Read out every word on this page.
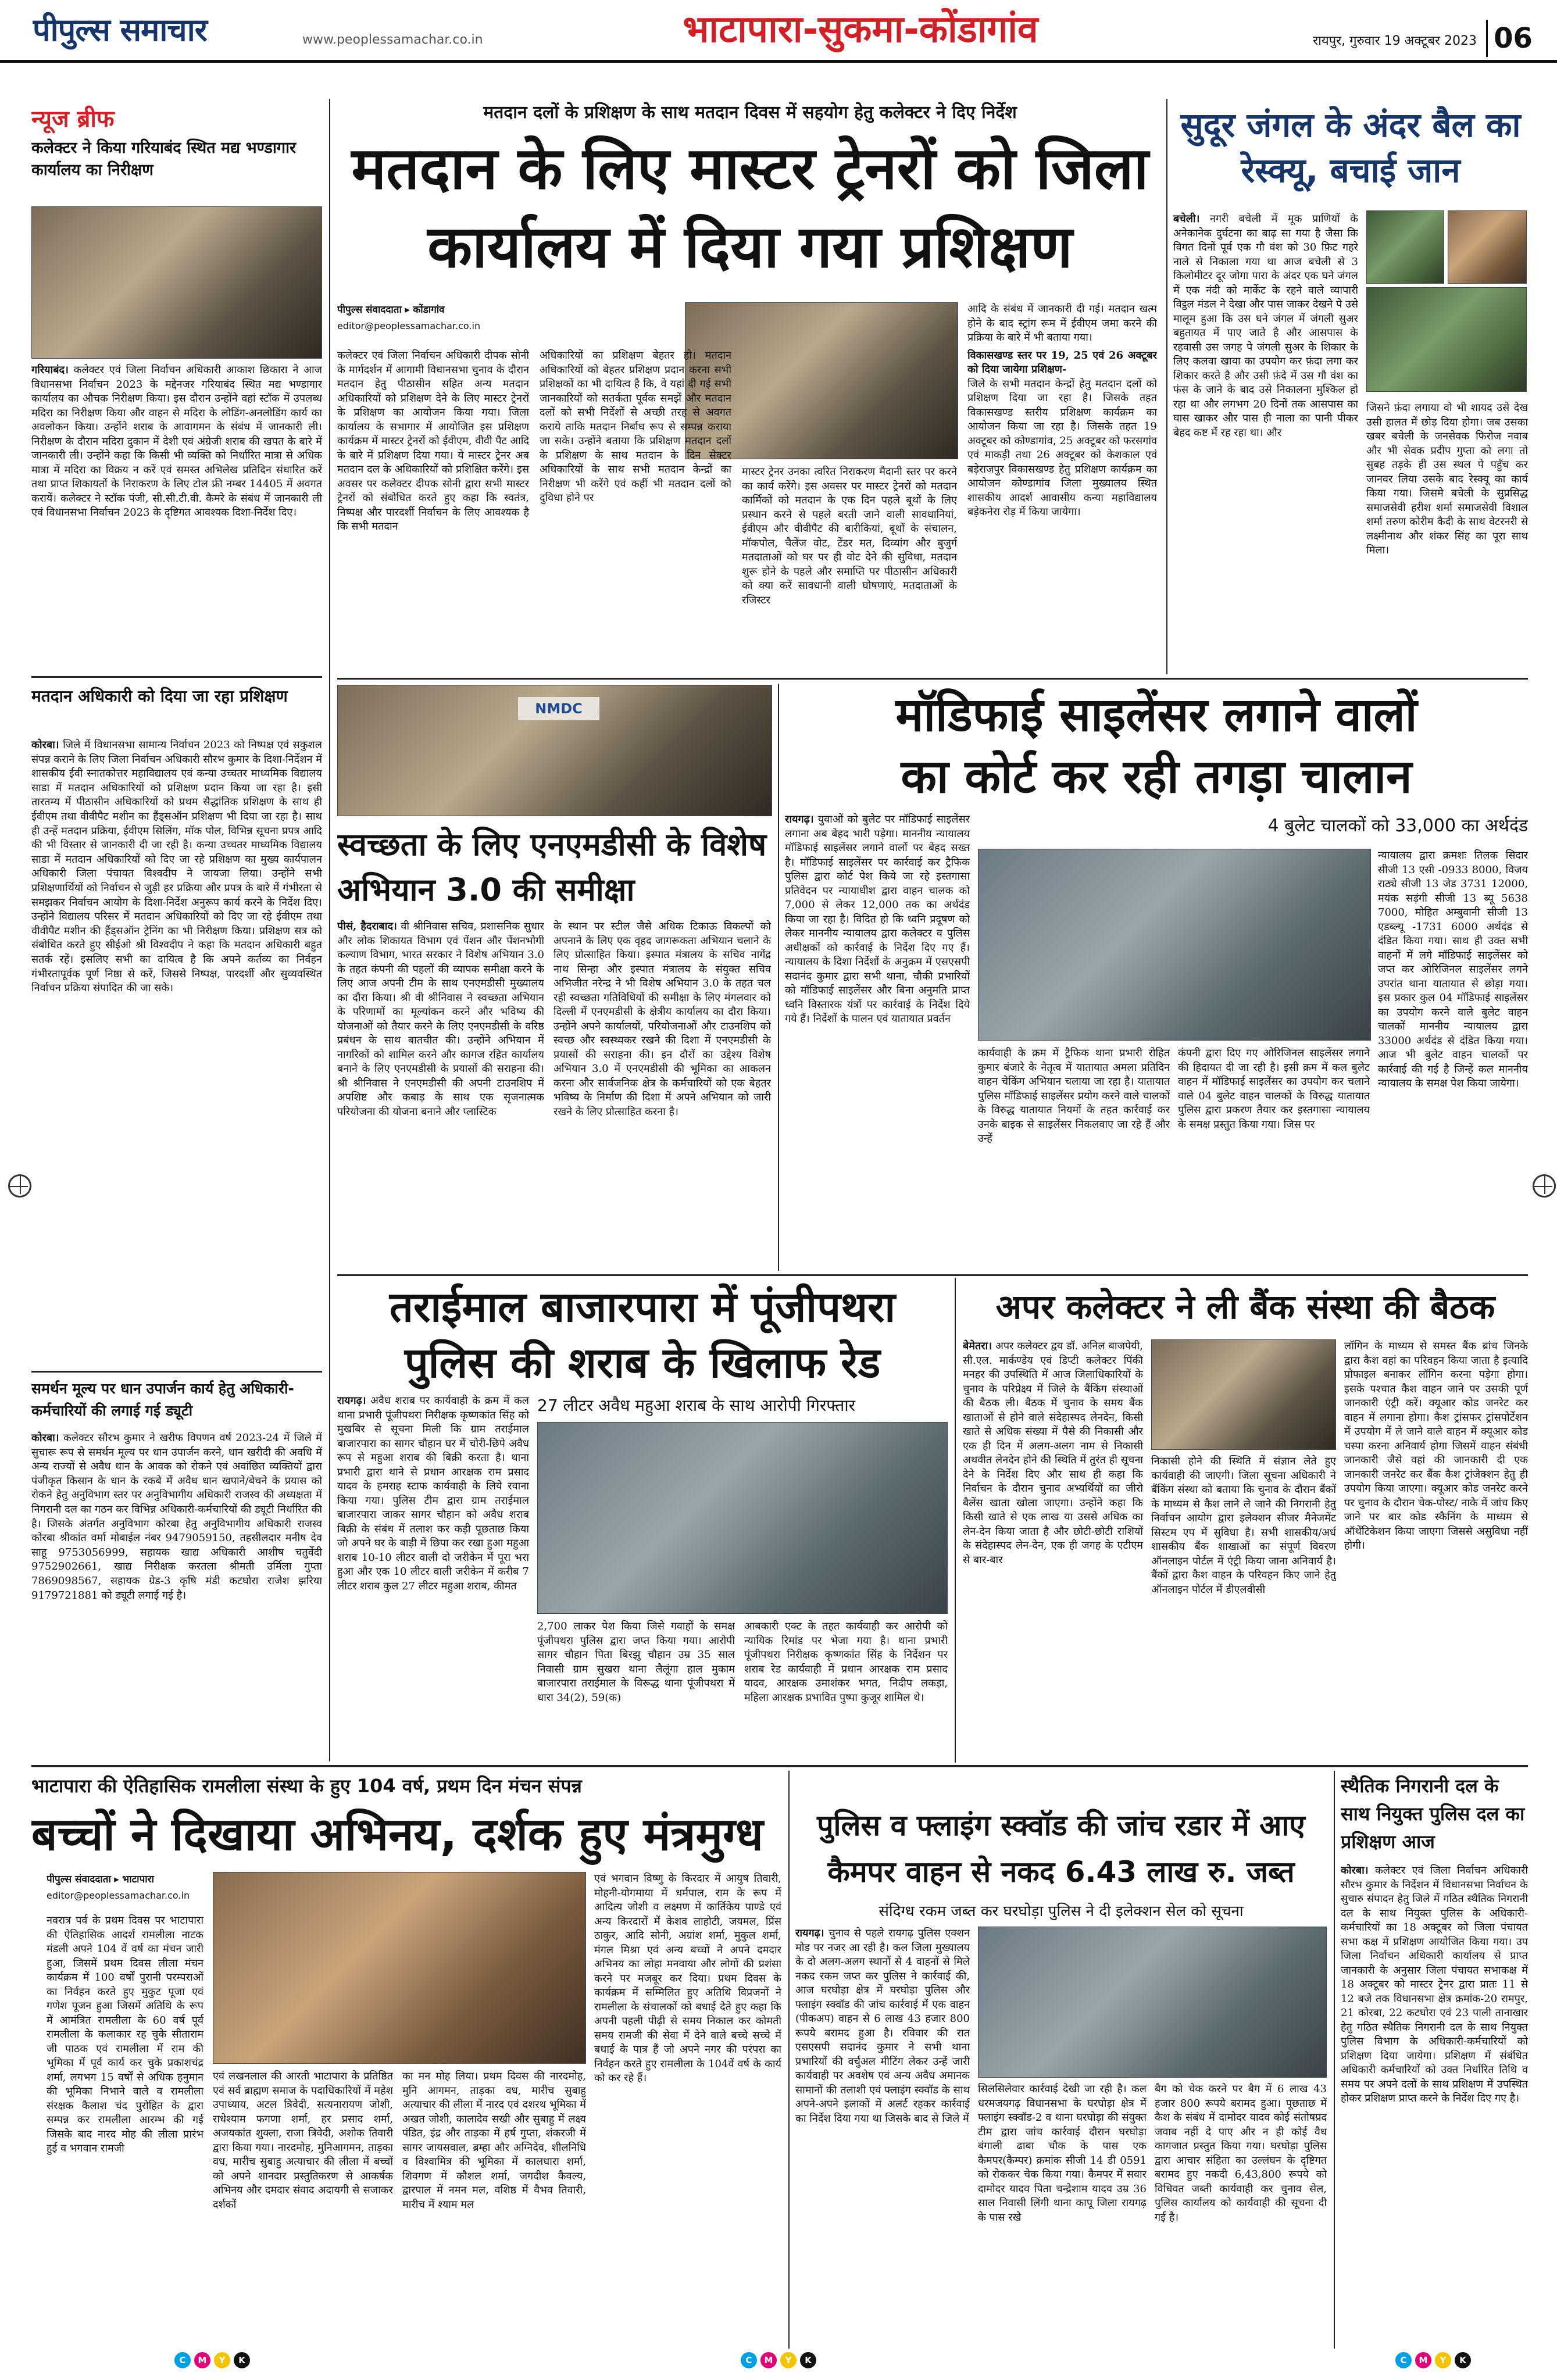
पीपुल्स समाचार	www.peoplessamachar.co.in	भाटापारा-सुकमा-कोंडागांव	रायपुर, गुरुवार 19 अक्टूबर 2023 06
न्यूज ब्रीफ
कलेक्टर ने किया गरियाबंद स्थित मद्य भण्डागार कार्यालय का निरीक्षण
गरियाबंद। कलेक्टर एवं जिला निर्वाचन अधिकारी आकाश छिकारा ने आज विधानसभा निर्वाचन 2023 के मद्देनजर गरियाबंद स्थित मद्य भण्डागार कार्यालय का औचक निरीक्षण किया। इस दौरान उन्होंने वहां स्टॉक में उपलब्ध मदिरा का निरीक्षण किया और वाहन से मदिरा के लोडिंग-अनलोडिंग कार्य का अवलोकन किया। उन्होंने शराब के आवागमन के संबंध में जानकारी ली।निरीक्षण के दौरान मदिरा दुकान में देशी एवं अंग्रेजी शराब की खपत के बारे में जानकारी ली। उन्होंने कहा कि किसी भी व्यक्ति को निर्धारित मात्रा से अधिक मात्रा में मदिरा का विक्रय न करें एवं समस्त अभिलेख प्रतिदिन संधारित करें तथा प्राप्त शिकायतों के निराकरण के लिए टोल फ्री नम्बर 14405 में अवगत करायें। कलेक्टर ने स्टॉक पंजी, सी.सी.टी.वी. कैमरे के संबंध में जानकारी ली एवं विधानसभा निर्वाचन 2023 के दृष्टिगत आवश्यक दिशा-निर्देश दिए।
मतदान अधिकारी को दिया जा रहा प्रशिक्षण
कोरबा। जिले में विधानसभा सामान्य निर्वाचन 2023 को निष्पक्ष एवं सकुशल संपन्न कराने के लिए जिला निर्वाचन अधिकारी सौरभ कुमार के दिशा-निर्देशन में शासकीय ईवी स्नातकोत्तर महाविद्यालय एवं कन्या उच्चतर माध्यमिक विद्यालय साडा में मतदान अधिकारियों को प्रशिक्षण प्रदान किया जा रहा है। इसी तारतम्य में पीठासीन अधिकारियों को प्रथम सैद्धांतिक प्रशिक्षण के साथ ही ईवीएम तथा वीवीपैट मशीन का हैंड्सऑन प्रशिक्षण भी दिया जा रहा है। साथ ही उन्हें मतदान प्रक्रिया, ईवीएम सिलिंग, मॉक पोल, विभिन्न सूचना प्रपत्र आदि की भी विस्तार से जानकारी दी जा रही है। कन्या उच्चतर माध्यमिक विद्यालय साडा में मतदान अधिकारियों को दिए जा रहे प्रशिक्षण का मुख्य कार्यपालन अधिकारी जिला पंचायत विश्वदीप ने जायजा लिया। उन्होंने सभी प्रशिक्षणार्थियों को निर्वाचन से जुड़ी हर प्रक्रिया और प्रपत्र के बारे में गंभीरता से समझकर निर्वाचन आयोग के दिशा-निर्देश अनुरूप कार्य करने के निर्देश दिए। उन्होंने विद्यालय परिसर में मतदान अधिकारियों को दिए जा रहे ईवीएम तथा वीवीपैट मशीन की हैंड्सऑन ट्रेनिंग का भी निरीक्षण किया। प्रशिक्षण सत्र को संबोधित करते हुए सीईओ श्री विश्वदीप ने कहा कि मतदान अधिकारी बहुत सतर्क रहें। इसलिए सभी का दायित्व है कि अपने कर्तव्य का निर्वहन गंभीरतापूर्वक पूर्ण निष्ठा से करें, जिससे निष्पक्ष, पारदर्शी और सुव्यवस्थित निर्वाचन प्रक्रिया संपादित की जा सके।
समर्थन मूल्य पर धान उपार्जन कार्य हेतु अधिकारी-कर्मचारियों की लगाई गई ड्यूटी
कोरबा। कलेक्टर सौरभ कुमार ने खरीफ विपणन वर्ष 2023-24 में जिले में सुचारू रूप से समर्थन मूल्य पर धान उपार्जन करने, धान खरीदी की अवधि में अन्य राज्यों से अवैध धान के आवक को रोकने एवं अवांछित व्यक्तियों द्वारा पंजीकृत किसान के धान के रकबे में अवैध धान खपाने/बेचने के प्रयास को रोकने हेतु अनुविभाग स्तर पर अनुविभागीय अधिकारी राजस्व की अध्यक्षता में निगरानी दल का गठन कर विभिन्न अधिकारी-कर्मचारियों की ड्यूटी निर्धारित की है। जिसके अंतर्गत अनुविभाग कोरबा हेतु अनुविभागीय अधिकारी राजस्व कोरबा श्रीकांत वर्मा मोबाईल नंबर 9479059150, तहसीलदार मनीष देव साहू 9753056999, सहायक खाद्य अधिकारी आशीष चतुर्वेदी 9752902661, खाद्य निरीक्षक करतला श्रीमती उर्मिला गुप्ता 7869098567, सहायक ग्रेड-3 कृषि मंडी कटघोरा राजेश झरिया 9179721881 को ड्यूटी लगाई गई है।
मतदान दलों के प्रशिक्षण के साथ मतदान दिवस में सहयोग हेतु कलेक्टर ने दिए निर्देश
मतदान के लिए मास्टर ट्रेनरों को जिला
कार्यालय में दिया गया प्रशिक्षण
पीपुल्स संवाददाता ▸ कोंडागांव
editor@peoplessamachar.co.in
कलेक्टर एवं जिला निर्वाचन अधिकारी दीपक सोनी के मार्गदर्शन में आगामी विधानसभा चुनाव के दौरान मतदान हेतु पीठासीन सहित अन्य मतदान अधिकारियों को प्रशिक्षण देने के लिए मास्टर ट्रेनरों के प्रशिक्षण का आयोजन किया गया। जिला कार्यालय के सभागार में आयोजित इस प्रशिक्षण कार्यक्रम में मास्टर ट्रेनरों को ईवीएम, वीवी पैट आदि के बारे में प्रशिक्षण दिया गया। ये मास्टर ट्रेनर अब मतदान दल के अधिकारियों को प्रशिक्षित करेंगे। इस अवसर पर कलेक्टर दीपक सोनी द्वारा सभी मास्टर ट्रेनरों को संबोधित करते हुए कहा कि स्वतंत्र, निष्पक्ष और पारदर्शी निर्वाचन के लिए आवश्यक है कि सभी मतदान
अधिकारियों का प्रशिक्षण बेहतर हो। मतदान अधिकारियों को बेहतर प्रशिक्षण प्रदान करना सभी प्रशिक्षकों का भी दायित्व है कि, वे यहां दी गई सभी जानकारियों को सतर्कता पूर्वक समझें और मतदान दलों को सभी निर्देशों से अच्छी तरह से अवगत कराये ताकि मतदान निर्बाध रूप से सम्पन्न कराया जा सके। उन्होंने बताया कि प्रशिक्षण मतदान दलों के प्रशिक्षण के साथ मतदान के दिन सेक्टर अधिकारियों के साथ सभी मतदान केन्द्रों का निरीक्षण भी करेंगे एवं कहीं भी मतदान दलों को दुविधा होने पर
मास्टर ट्रेनर उनका त्वरित निराकरण मैदानी स्तर पर करने का कार्य करेंगे। इस अवसर पर मास्टर ट्रेनरों को मतदान कार्मिकों को मतदान के एक दिन पहले बूथों के लिए प्रस्थान करने से पहले बरती जाने वाली सावधानियां, ईवीएम और वीवीपैट की बारीकियां, बूथों के संचालन, मॉकपोल, चैलेंज वोट, टेंडर मत, दिव्यांग और बुजुर्ग मतदाताओं को घर पर ही वोट देने की सुविधा, मतदान शुरू होने के पहले और समाप्ति पर पीठासीन अधिकारी को क्या करें सावधानी वाली घोषणाएं, मतदाताओं के रजिस्टर
आदि के संबंध में जानकारी दी गई। मतदान खत्म होने के बाद स्ट्रांग रूम में ईवीएम जमा करने की प्रक्रिया के बारे में भी बताया गया।
विकासखण्ड स्तर पर 19, 25 एवं 26 अक्टूबर को दिया जायेगा प्रशिक्षण-
जिले के सभी मतदान केन्द्रों हेतु मतदान दलों को प्रशिक्षण दिया जा रहा है। जिसके तहत विकासखण्ड स्तरीय प्रशिक्षण कार्यक्रम का आयोजन किया जा रहा है। जिसके तहत 19 अक्टूबर को कोण्डागांव, 25 अक्टूबर को फरसगांव एवं माकड़ी तथा 26 अक्टूबर को केशकाल एवं बड़ेराजपुर विकासखण्ड हेतु प्रशिक्षण कार्यक्रम का आयोजन कोण्डागांव जिला मुख्यालय स्थित शासकीय आदर्श आवासीय कन्या महाविद्यालय बड़ेकनेरा रोड़ में किया जायेगा।
सुदूर जंगल के अंदर बैल का रेस्क्यू, बचाई जान
बचेली। नगरी बचेली में मूक प्राणियों के अनेकानेक दुर्घटना का बाढ़ सा गया है जैसा कि विगत दिनों पूर्व एक गौ वंश को 30 फ़िट गहरे नाले से निकाला गया था आज बचेली से 3 किलोमीटर दूर जोगा पारा के अंदर एक घने जंगल में एक नंदी को मार्केट के रहने वाले व्यापारी विट्ठल मंडल ने देखा और पास जाकर देखने पे उसे मालूम हुआ कि उस घने जंगल में जंगली सुअर बहुतायत में पाए जाते है और आसपास के रहवासी उस जगह पे जंगली सुअर के शिकार के लिए कलवा खाया का उपयोग कर फ़ंदा लगा कर शिकार करते है और उसी फ़ंदे में उस गौ वंश का फंस के जाने के बाद उसे निकालना मुश्किल हो रहा था और लगभग 20 दिनों तक आसपास का घास खाकर और पास ही नाला का पानी पीकर बेहद कष्ट में रह रहा था। और
जिसने फ़ंदा लगाया वो भी शायद उसे देख उसी हालत में छोड़ दिया होगा। जब उसका खबर बचेली के जनसेवक फिरोज नवाब और भी सेवक प्रदीप गुप्ता को लगा तो सुबह तड़के ही उस स्थल पे पहुँच कर जानवर लिया उसके बाद रेस्क्यू का कार्य किया गया। जिसमे बचेली के सुप्रसिद्ध समाजसेवी हरीश शर्मा समाजसेवी विशाल शर्मा तरुण कोरीम कैदी के साथ वेटरनरी से लक्ष्मीनाथ और शंकर सिंह का पूरा साथ मिला।
NMDC
स्वच्छता के लिए एनएमडीसी के विशेष अभियान 3.0 की समीक्षा
पीसं, हैदराबाद। वी श्रीनिवास सचिव, प्रशासनिक सुधार और लोक शिकायत विभाग एवं पेंशन और पेंशनभोगी कल्याण विभाग, भारत सरकार ने विशेष अभियान 3.0 के तहत कंपनी की पहलों की व्यापक समीक्षा करने के लिए आज अपनी टीम के साथ एनएमडीसी मुख्यालय का दौरा किया। श्री वी श्रीनिवास ने स्वच्छता अभियान के परिणामों का मूल्यांकन करने और भविष्य की योजनाओं को तैयार करने के लिए एनएमडीसी के वरिष्ठ प्रबंधन के साथ बातचीत की। उन्होंने अभियान में नागरिकों को शामिल करने और कागज रहित कार्यालय बनाने के लिए एनएमडीसी के प्रयासों की सराहना की। श्री श्रीनिवास ने एनएमडीसी की अपनी टाउनशिप में अपशिष्ट और कबाड़ के साथ एक सृजनात्मक परियोजना की योजना बनाने और प्लास्टिक
के स्थान पर स्टील जैसे अधिक टिकाऊ विकल्पों को अपनाने के लिए एक वृहद जागरूकता अभियान चलाने के लिए प्रोत्साहित किया। इस्पात मंत्रालय के सचिव नागेंद्र नाथ सिन्हा और इस्पात मंत्रालय के संयुक्त सचिव अभिजीत नरेन्द्र ने भी विशेष अभियान 3.0 के तहत चल रही स्वच्छता गतिविधियों की समीक्षा के लिए मंगलवार को दिल्ली में एनएमडीसी के क्षेत्रीय कार्यालय का दौरा किया। उन्होंने अपने कार्यालयों, परियोजनाओं और टाउनशिप को स्वच्छ और स्वस्थ्यकर रखने की दिशा में एनएमडीसी के प्रयासों की सराहना की। इन दौरों का उद्देश्य विशेष अभियान 3.0 में एनएमडीसी की भूमिका का आकलन करना और सार्वजनिक क्षेत्र के कर्मचारियों को एक बेहतर भविष्य के निर्माण की दिशा में अपने अभियान को जारी रखने के लिए प्रोत्साहित करना है।
मॉडिफाई साइलेंसर लगाने वालों
का कोर्ट कर रही तगड़ा चालान
4 बुलेट चालकों को 33,000 का अर्थदंड
रायगढ़। युवाओं को बुलेट पर मॉडिफाई साइलेंसर लगाना अब बेहद भारी पड़ेगा। माननीय न्यायालय मॉडिफाई साइलेंसर लगाने वालों पर बेहद सख्त है। मॉडिफाई साइलेंसर पर कार्रवाई कर ट्रैफिक पुलिस द्वारा कोर्ट पेश किये जा रहे इस्तगासा प्रतिवेदन पर न्यायाधीश द्वारा वाहन चालक को 7,000 से लेकर 12,000 तक का अर्थदंड किया जा रहा है। विदित हो कि ध्वनि प्रदूषण को लेकर माननीय न्यायालय द्वारा कलेक्टर व पुलिस अधीक्षकों को कार्रवाई के निर्देश दिए गए हैं। न्यायालय के दिशा निर्देशों के अनुक्रम में एसएसपी सदानंद कुमार द्वारा सभी थाना, चौकी प्रभारियों को मॉडिफाई साइलेंसर और बिना अनुमति प्राप्त ध्वनि विस्तारक यंत्रों पर कार्रवाई के निर्देश दिये गये हैं। निर्देशों के पालन एवं यातायात प्रवर्तन
कार्यवाही के क्रम में ट्रैफिक थाना प्रभारी रोहित कुमार बंजारे के नेतृत्व में यातायात अमला प्रतिदिन वाहन चेकिंग अभियान चलाया जा रहा है। यातायात पुलिस मॉडिफाई साइलेंसर प्रयोग करने वाले चालकों के विरुद्ध यातायात नियमों के तहत कार्रवाई कर उनके बाइक से साइलेंसर निकलवाए जा रहे हैं और उन्हें
कंपनी द्वारा दिए गए ओरिजिनल साइलेंसर लगाने की हिदायत दी जा रही है। इसी क्रम में कल बुलेट वाहन में मॉडिफाई साइलेंसर का उपयोग कर चलाने वाले 04 बुलेट वाहन चालकों के विरुद्ध यातायात पुलिस द्वारा प्रकरण तैयार कर इस्तगासा न्यायालय के समक्ष प्रस्तुत किया गया। जिस पर
न्यायालय द्वारा क्रमशः तिलक सिदार सीजी 13 एसी -0933 8000, विजय राठ्ये सीजी 13 जेड 3731 12000, मयंक सड़ंगी सीजी 13 ब्यू 5638 7000, मोहित अम्बुवानी सीजी 13 एडब्ल्यू -1731 6000 अर्थदंड से दंडित किया गया। साथ ही उक्त सभी वाहनों में लगे मॉडिफाई साइलेंसर को जप्त कर ओरिजिनल साइलेंसर लगने उपरांत थाना यातायात से छोड़ा गया। इस प्रकार कुल 04 मॉडिफाई साइलेंसर का उपयोग करने वाले बुलेट वाहन चालकों माननीय न्यायालय द्वारा 33000 अर्थदंड से दंडित किया गया। आज भी बुलेट वाहन चालकों पर कार्रवाई की गई है जिन्हें कल माननीय न्यायालय के समक्ष पेश किया जायेगा।
तराईमाल बाजारपारा में पूंजीपथरा
पुलिस की शराब के खिलाफ रेड
रायगढ़। अवैध शराब पर कार्यवाही के क्रम में कल थाना प्रभारी पूंजीपथरा निरीक्षक कृष्णकांत सिंह को मुखबिर से सूचना मिली कि ग्राम तराईमाल बाजारपारा का सागर चौहान घर में चोरी-छिपे अवैध रूप से महुआ शराब की बिक्री करता है। थाना प्रभारी द्वारा थाने से प्रधान आरक्षक राम प्रसाद यादव के हमराह स्टाफ कार्यवाही के लिये रवाना किया गया। पुलिस टीम द्वारा ग्राम तराईमाल बाजारपारा जाकर सागर चौहान को अवैध शराब बिक्री के संबंध में तलाश कर कड़ी पूछताछ किया जो अपने घर के बाड़ी में छिपा कर रखा हुआ महुआ शराब 10-10 लीटर वाली दो जरीकेन में पूरा भरा हुआ और एक 10 लीटर वाली जरीकेन में करीब 7 लीटर शराब कुल 27 लीटर महुआ शराब, कीमत
27 लीटर अवैध महुआ शराब के साथ आरोपी गिरफ्तार
2,700 लाकर पेश किया जिसे गवाहों के समक्ष पूंजीपथरा पुलिस द्वारा जप्त किया गया। आरोपी सागर चौहान पिता बिरझु चौहान उम्र 35 साल निवासी ग्राम सुखरा थाना लैलूंगा हाल मुकाम बाजारपारा तराईमाल के विरूद्ध थाना पूंजीपथरा में धारा 34(2), 59(क)
आबकारी एक्ट के तहत कार्यवाही कर आरोपी को न्यायिक रिमांड पर भेजा गया है। थाना प्रभारी पूंजीपथरा निरीक्षक कृष्णकांत सिंह के निर्देशन पर शराब रेड कार्यवाही में प्रधान आरक्षक राम प्रसाद यादव, आरक्षक उमाशंकर भगत, निदीप लकड़ा, महिला आरक्षक प्रभावित पुष्पा कुजूर शामिल थे।
अपर कलेक्टर ने ली बैंक संस्था की बैठक
बेमेतरा। अपर कलेक्टर द्वय डॉ. अनिल बाजपेयी, सी.एल. मार्कण्डेय एवं डिप्टी कलेक्टर पिंकी मनहर की उपस्थिति में आज जिलाधिकारियों के चुनाव के परिप्रेक्ष्य में जिले के बैंकिंग संस्थाओं की बैठक ली। बैठक में चुनाव के समय बैंक खाताओं से होने वाले संदेहास्पद लेनदेन, किसी खाते से अधिक संख्या में पैसे की निकासी और एक ही दिन में अलग-अलग नाम से निकासी अथवीत लेनदेन होने की स्थिति में तुरंत ही सूचना देने के निर्देश दिए और साथ ही कहा कि निर्वाचन के दौरान चुनाव अभ्यर्थियों का जीरो बैलेंस खाता खोला जाएगा। उन्होंने कहा कि किसी खाते से एक लाख या उससे अधिक का लेन-देन किया जाता है और छोटी-छोटी राशियों के संदेहास्पद लेन-देन, एक ही जगह के एटीएम से बार-बार
निकासी होने की स्थिति में संज्ञान लेते हुए कार्यवाही की जाएगी। जिला सूचना अधिकारी ने बैंकिंग संस्था को बताया कि चुनाव के दौरान बैंकों के माध्यम से कैश लाने ले जाने की निगरानी हेतु निर्वाचन आयोग द्वारा इलेक्शन सीजर मैनेजमेंट सिस्टम एप में सुविधा है। सभी शासकीय/अर्ध शासकीय बैंक शाखाओं का संपूर्ण विवरण ऑनलाइन पोर्टल में एंट्री किया जाना अनिवार्य है। बैंकों द्वारा कैश वाहन के परिवहन किए जाने हेतु ऑनलाइन पोर्टल में डीएलवीसी
लॉगिन के माध्यम से समस्त बैंक ब्रांच जिनके द्वारा कैश वहां का परिवहन किया जाता है इत्यादि प्रोफाइल बनाकर लॉगिन करना पड़ेगा होगा। इसके पश्चात कैश वाहन जाने पर उसकी पूर्ण जानकारी एंट्री करें। क्यूआर कोड जनरेट कर वाहन में लगाना होगा। कैश ट्रांसफर ट्रांसपोर्टेशन में उपयोग में ले जाने वाले वाहन में क्यूआर कोड चस्पा करना अनिवार्य होगा जिसमें वाहन संबंधी जानकारी जैसे वहां की जानकारी दी एक जानकारी जनरेट कर बैंक कैश ट्रांजेक्शन हेतु ही उपयोग किया जाएगा। क्यूआर कोड जनरेट करने पर चुनाव के दौरान चेक-पोस्ट/ नाके में जांच किए जाने पर बार कोड स्कैनिंग के माध्यम से ऑथेंटिकेशन किया जाएगा जिससे असुविधा नहीं होगी।
भाटापारा की ऐतिहासिक रामलीला संस्था के हुए 104 वर्ष, प्रथम दिन मंचन संपन्न
बच्चों ने दिखाया अभिनय, दर्शक हुए मंत्रमुग्ध
पीपुल्स संवाददाता ▸ भाटापारा
editor@peoplessamachar.co.in
नवरात्र पर्व के प्रथम दिवस पर भाटापारा की ऐतिहासिक आदर्श रामलीला नाटक मंडली अपने 104 वें वर्ष का मंचन जारी हुआ, जिसमें प्रथम दिवस लीला मंचन कार्यक्रम में 100 वर्षों पुरानी परम्पराओं का निर्वहन करते हुए मुकुट पूजा एवं गणेश पूजन हुआ जिसमें अतिथि के रूप में आमंत्रित रामलीला के 60 वर्ष पूर्व रामलीला के कलाकार रह चुके सीताराम जी पाठक एवं रामलीला में राम की भूमिका में पूर्व कार्य कर चुके प्रकाशचंद्र शर्मा, लगभग 15 वर्षों से अधिक हनुमान की भूमिका निभाने वाले व रामलीला संरक्षक कैलाश चंद पुरोहित के द्वारा सम्पन्न कर रामलीला आरम्भ की गई जिसके बाद नारद मोह की लीला प्रारंभ हुई व भगवान रामजी
एवं लखनलाल की आरती भाटापारा के प्रतिष्ठित एवं सर्व ब्राह्मण समाज के पदाधिकारियों में महेश उपाध्याय, अटल त्रिवेदी, सत्यनारायण जोशी, राधेश्याम फगणा शर्मा, हर प्रसाद शर्मा, अजयकांत शुक्ला, राजा त्रिवेदी, अशोक तिवारी द्वारा किया गया। नारदमोह, मुनिआगमन, ताड़का वध, मारीच सुबाहु अत्याचार की लीला में बच्चों को अपने शानदार प्रस्तुतिकरण से आकर्षक अभिनय और दमदार संवाद अदायगी से सजाकर दर्शकों
का मन मोह लिया। प्रथम दिवस की नारदमोह, मुनि आगमन, ताड़का वध, मारीच सुबाहु अत्याचार की लीला में नारद एवं दशरथ भूमिका में अखत जोशी, कालादेव सखी और सुबाहु में लक्ष्य पंडित, इंद्र और ताड़का में हर्ष गुप्ता, शंकरजी में सागर जायसवाल, ब्रम्हा और अग्निदेव, शीलनिधि व विश्वामित्र की भूमिका में कालधारा शर्मा, शिवगण में कौशल शर्मा, जगदीश कैवल्य, द्वारपाल में नमन मल, वशिष्ठ में वैभव तिवारी, मारीच में श्याम मल
एवं भगवान विष्णु के किरदार में आयुष तिवारी, मोहनी-योगमाया में धर्मपाल, राम के रूप में आदित्य जोशी व लक्ष्मण में कार्तिकेय पाण्डे एवं अन्य किरदारों में केशव लाहोटी, जयमल, प्रिंस ठाकुर, आदि सोनी, अग्रांश शर्मा, मुकुल शर्मा, मंगल मिश्रा एवं अन्य बच्चों ने अपने दमदार अभिनय का लोहा मनवाया और लोगों की प्रशंसा करने पर मजबूर कर दिया। प्रथम दिवस के कार्यक्रम में सम्मिलित हुए अतिथि विप्रजनों ने रामलीला के संचालकों को बधाई देते हुए कहा कि अपनी पहली पीढ़ी से समय निकाल कर कोमती समय रामजी की सेवा में देने वाले बच्चे सच्चे में बधाई के पात्र हैं जो अपने नगर की परंपरा का निर्वहन करते हुए रामलीला के 104वें वर्ष के कार्य को कर रहे हैं।
पुलिस व फ्लाइंग स्क्वॉड की जांच रडार में आए
कैमपर वाहन से नकद 6.43 लाख रु. जब्त
संदिग्ध रकम जब्त कर घरघोड़ा पुलिस ने दी इलेक्शन सेल को सूचना
रायगढ़। चुनाव से पहले रायगढ़ पुलिस एक्शन मोड पर नजर आ रही है। कल जिला मुख्यालय के दो अलग-अलग स्थानों से 4 वाहनों से मिले नकद रकम जप्त कर पुलिस ने कार्रवाई की, आज घरघोड़ा क्षेत्र में घरघोड़ा पुलिस और फ्लाइंग स्क्वॉड की जांच कार्रवाई में एक वाहन (पीकअप) वाहन से 6 लाख 43 हजार 800 रूपये बरामद हुआ है। रविवार की रात एसएसपी सदानंद कुमार ने सभी थाना प्रभारियों की वर्चुअल मीटिंग लेकर उन्हें जारी कार्यवाही पर अवशेष एवं अन्य अवैध अमानक सामानों की तलाशी एवं फ्लाइंग स्क्वॉड के साथ अपने-अपने इलाकों में अलर्ट रहकर कार्रवाई का निर्देश दिया गया था जिसके बाद से जिले में
सिलसिलेवार कार्रवाई देखी जा रही है। कल धरमजयगढ़ विधानसभा के घरघोड़ा क्षेत्र में फ्लाइंग स्क्वॉड-2 व थाना घरघोड़ा की संयुक्त टीम द्वारा जांच कार्रवाई दौरान घरघोड़ा बंगाली ढाबा चौक के पास एक कैमपर(कैम्पर) क्रमांक सीजी 14 डी 0591 को रोककर चेक किया गया। कैमपर में सवार दामोदर यादव पिता चन्द्रेशाम यादव उम्र 36 साल निवासी लिंगी थाना कापू जिला रायगढ़ के पास रखे
बैग को चेक करने पर बैग में 6 लाख 43 हजार 800 रूपये बरामद हुआ। पूछताछ में कैश के संबंध में दामोदर यादव कोई संतोषप्रद जवाब नहीं दे पाए और न ही कोई वैध कागजात प्रस्तुत किया गया। घरघोड़ा पुलिस द्वारा आचार संहिता का उल्लंघन के दृष्टिगत बरामद हुए नकदी 6,43,800 रूपये को विधिवत जब्ती कार्यवाही कर चुनाव सेल, पुलिस कार्यालय को कार्यवाही की सूचना दी गई है।
स्थैतिक निगरानी दल के साथ नियुक्त पुलिस दल का प्रशिक्षण आज
कोरबा। कलेक्टर एवं जिला निर्वाचन अधिकारी सौरभ कुमार के निर्देशन में विधानसभा निर्वाचन के सुचारु संपादन हेतु जिले में गठित स्थैतिक निगरानी दल के साथ नियुक्त पुलिस के अधिकारी-कर्मचारियों का 18 अक्टूबर को जिला पंचायत सभा कक्ष में प्रशिक्षण आयोजित किया गया। उप जिला निर्वाचन अधिकारी कार्यालय से प्राप्त जानकारी के अनुसार जिला पंचायत सभाकक्ष में 18 अक्टूबर को मास्टर ट्रेनर द्वारा प्रातः 11 से 12 बजे तक विधानसभा क्षेत्र क्रमांक-20 रामपुर, 21 कोरबा, 22 कटघोरा एवं 23 पाली तानाखार हेतु गठित स्थैतिक निगरानी दल के साथ नियुक्त पुलिस विभाग के अधिकारी-कर्मचारियों को प्रशिक्षण दिया जायेगा। प्रशिक्षण में संबंधित अधिकारी कर्मचारियों को उक्त निर्धारित तिथि व समय पर अपने दलों के साथ प्रशिक्षण में उपस्थित होकर प्रशिक्षण प्राप्त करने के निर्देश दिए गए है।
C M Y K	C M Y K	C M Y K
